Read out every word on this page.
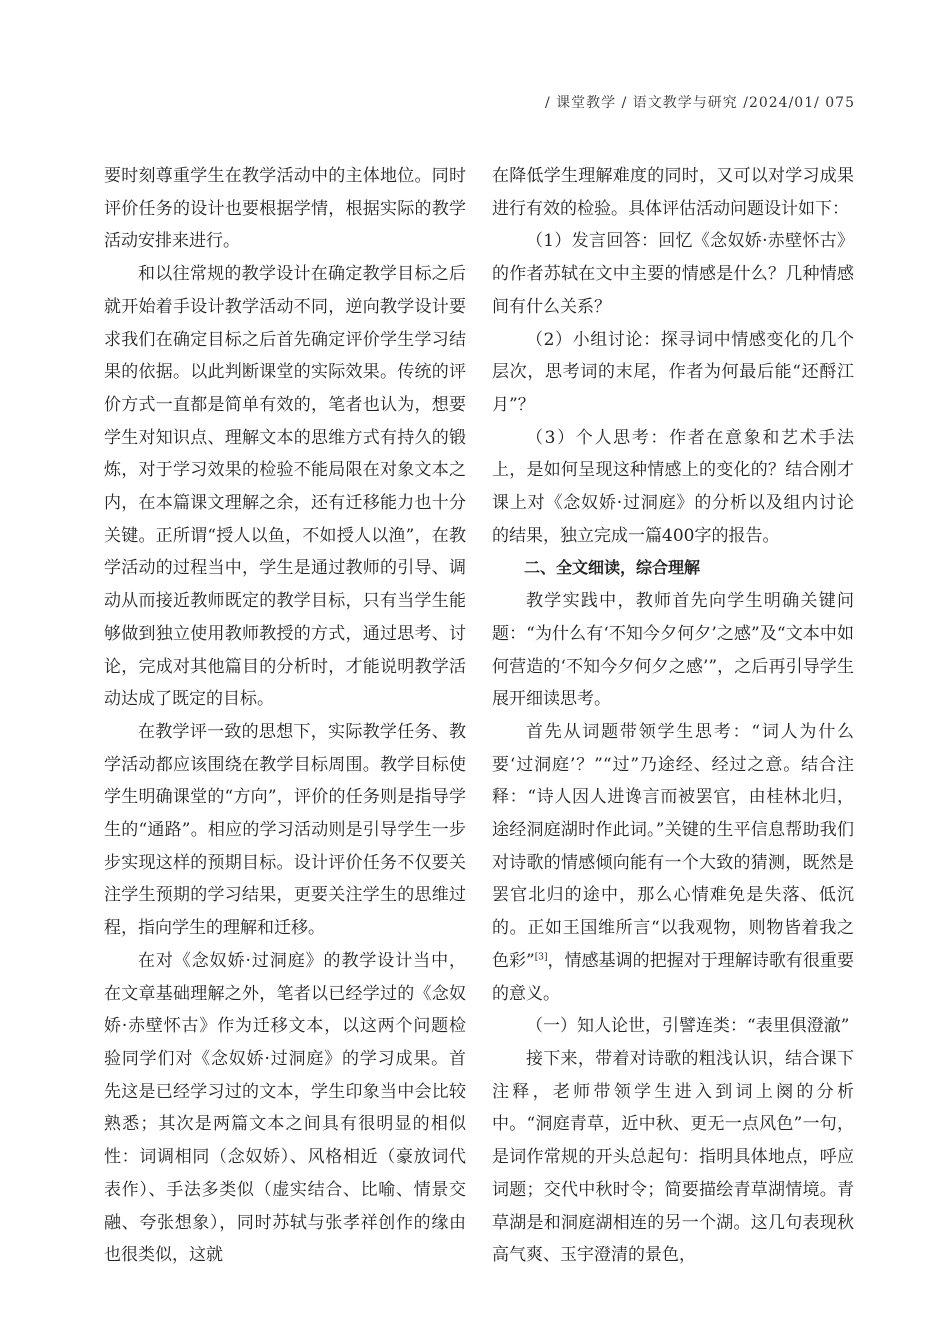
/ 课堂教学 / 语文教学与研究 /2024/01/ 075

要时刻尊重学生在教学活动中的主体地位。同时评价任务的设计也要根据学情，根据实际的教学活动安排来进行。

和以往常规的教学设计在确定教学目标之后就开始着手设计教学活动不同，逆向教学设计要求我们在确定目标之后首先确定评价学生学习结果的依据。以此判断课堂的实际效果。传统的评价方式一直都是简单有效的，笔者也认为，想要学生对知识点、理解文本的思维方式有持久的锻炼，对于学习效果的检验不能局限在对象文本之内，在本篇课文理解之余，还有迁移能力也十分关键。正所谓“授人以鱼，不如授人以渔”，在教学活动的过程当中，学生是通过教师的引导、调动从而接近教师既定的教学目标，只有当学生能够做到独立使用教师教授的方式，通过思考、讨论，完成对其他篇目的分析时，才能说明教学活动达成了既定的目标。

在教学评一致的思想下，实际教学任务、教学活动都应该围绕在教学目标周围。教学目标使学生明确课堂的“方向”，评价的任务则是指导学生的“通路”。相应的学习活动则是引导学生一步步实现这样的预期目标。设计评价任务不仅要关注学生预期的学习结果，更要关注学生的思维过程，指向学生的理解和迁移。

在对《念奴娇·过洞庭》的教学设计当中，在文章基础理解之外，笔者以已经学过的《念奴娇·赤壁怀古》作为迁移文本，以这两个问题检验同学们对《念奴娇·过洞庭》的学习成果。首先这是已经学习过的文本，学生印象当中会比较熟悉；其次是两篇文本之间具有很明显的相似性：词调相同（念奴娇）、风格相近（豪放词代表作）、手法多类似（虚实结合、比喻、情景交融、夸张想象），同时苏轼与张孝祥创作的缘由也很类似，这就

在降低学生理解难度的同时，又可以对学习成果进行有效的检验。具体评估活动问题设计如下：

（1）发言回答：回忆《念奴娇·赤壁怀古》的作者苏轼在文中主要的情感是什么？几种情感间有什么关系？

（2）小组讨论：探寻词中情感变化的几个层次，思考词的末尾，作者为何最后能“还酹江月”？

（3）个人思考：作者在意象和艺术手法上，是如何呈现这种情感上的变化的？结合刚才课上对《念奴娇·过洞庭》的分析以及组内讨论的结果，独立完成一篇400字的报告。

二、全文细读，综合理解

教学实践中，教师首先向学生明确关键问题：“为什么有‘不知今夕何夕’之感”及“文本中如何营造的‘不知今夕何夕之感’”，之后再引导学生展开细读思考。

首先从词题带领学生思考：“词人为什么要‘过洞庭’？”“过”乃途经、经过之意。结合注释：“诗人因人进谗言而被罢官，由桂林北归，途经洞庭湖时作此词。”关键的生平信息帮助我们对诗歌的情感倾向能有一个大致的猜测，既然是罢官北归的途中，那么心情难免是失落、低沉的。正如王国维所言“以我观物，则物皆着我之色彩”[3]，情感基调的把握对于理解诗歌有很重要的意义。

（一）知人论世，引譬连类：“表里俱澄澈”

接下来，带着对诗歌的粗浅认识，结合课下注释，老师带领学生进入到词上阕的分析中。“洞庭青草，近中秋、更无一点风色”一句，是词作常规的开头总起句：指明具体地点，呼应词题；交代中秋时令；简要描绘青草湖情境。青草湖是和洞庭湖相连的另一个湖。这几句表现秋高气爽、玉宇澄清的景色，
